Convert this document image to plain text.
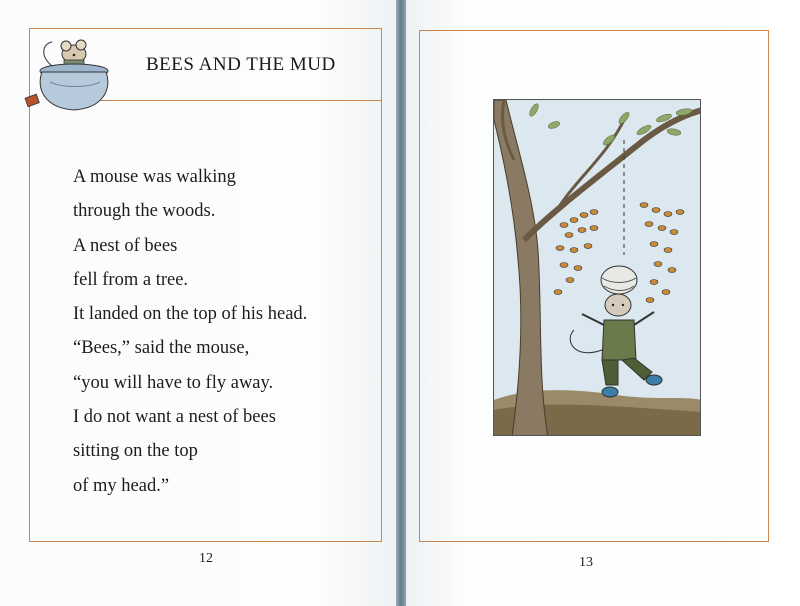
BEES AND THE MUD
A mouse was walking
through the woods.
A nest of bees
fell from a tree.
It landed on the top of his head.
“Bees,” said the mouse,
“you will have to fly away.
I do not want a nest of bees
sitting on the top
of my head.”
12	13
